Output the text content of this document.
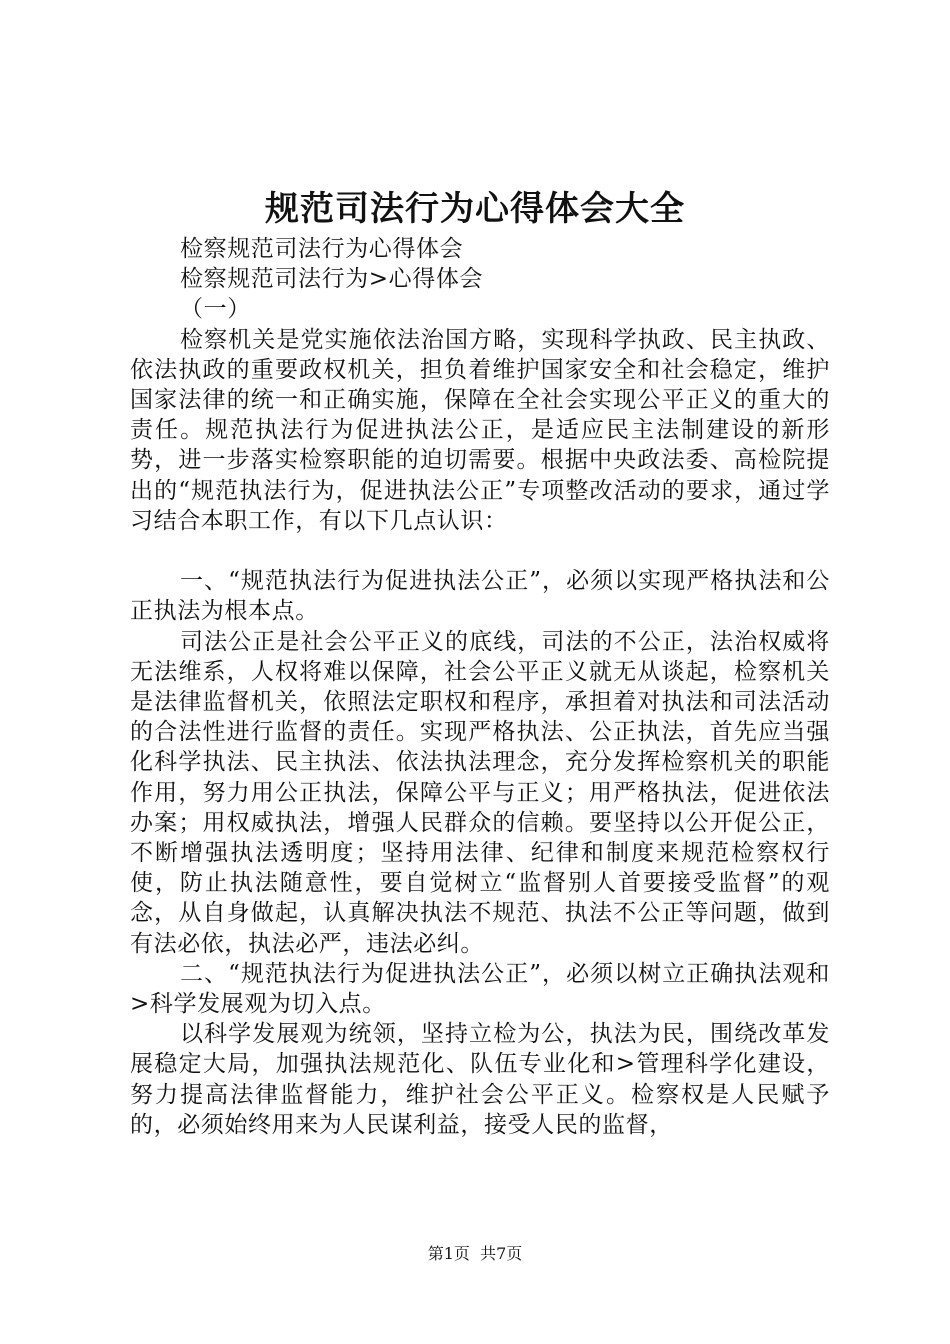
规范司法行为心得体会大全

检察规范司法行为心得体会

检察规范司法行为>心得体会

（一）

检察机关是党实施依法治国方略，实现科学执政、民主执政、依法执政的重要政权机关，担负着维护国家安全和社会稳定，维护国家法律的统一和正确实施，保障在全社会实现公平正义的重大的责任。规范执法行为促进执法公正，是适应民主法制建设的新形势，进一步落实检察职能的迫切需要。根据中央政法委、高检院提出的“规范执法行为，促进执法公正”专项整改活动的要求，通过学习结合本职工作，有以下几点认识：

一、“规范执法行为促进执法公正”，必须以实现严格执法和公正执法为根本点。

司法公正是社会公平正义的底线，司法的不公正，法治权威将无法维系，人权将难以保障，社会公平正义就无从谈起，检察机关是法律监督机关，依照法定职权和程序，承担着对执法和司法活动的合法性进行监督的责任。实现严格执法、公正执法，首先应当强化科学执法、民主执法、依法执法理念，充分发挥检察机关的职能作用，努力用公正执法，保障公平与正义；用严格执法，促进依法办案；用权威执法，增强人民群众的信赖。要坚持以公开促公正，不断增强执法透明度；坚持用法律、纪律和制度来规范检察权行使，防止执法随意性，要自觉树立“监督别人首要接受监督”的观念，从自身做起，认真解决执法不规范、执法不公正等问题，做到有法必依，执法必严，违法必纠。

二、“规范执法行为促进执法公正”，必须以树立正确执法观和>科学发展观为切入点。

以科学发展观为统领，坚持立检为公，执法为民，围绕改革发展稳定大局，加强执法规范化、队伍专业化和>管理科学化建设，努力提高法律监督能力，维护社会公平正义。检察权是人民赋予的，必须始终用来为人民谋利益，接受人民的监督，

第1页  共7页
